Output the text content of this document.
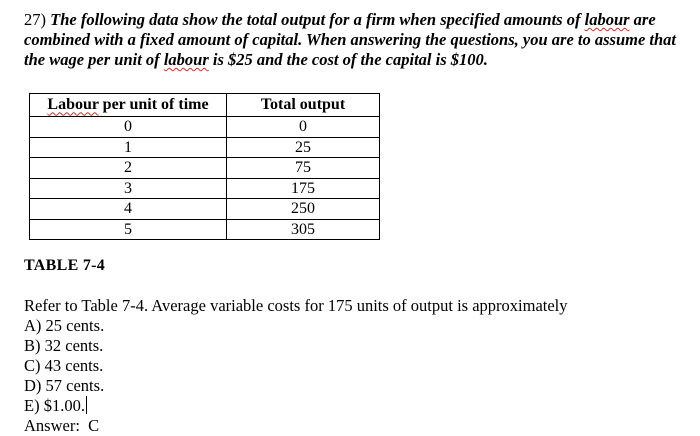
27) The following data show the total output for a firm when specified amounts of labour are combined with a fixed amount of capital. When answering the questions, you are to assume that the wage per unit of labour is $25 and the cost of the capital is $100.
Labour per unit of time	Total output
0	0
1	25
2	75
3	175
4	250
5	305
TABLE 7-4
Refer to Table 7-4. Average variable costs for 175 units of output is approximately
A) 25 cents.
B) 32 cents.
C) 43 cents.
D) 57 cents.
E) $1.00.
Answer:  C
